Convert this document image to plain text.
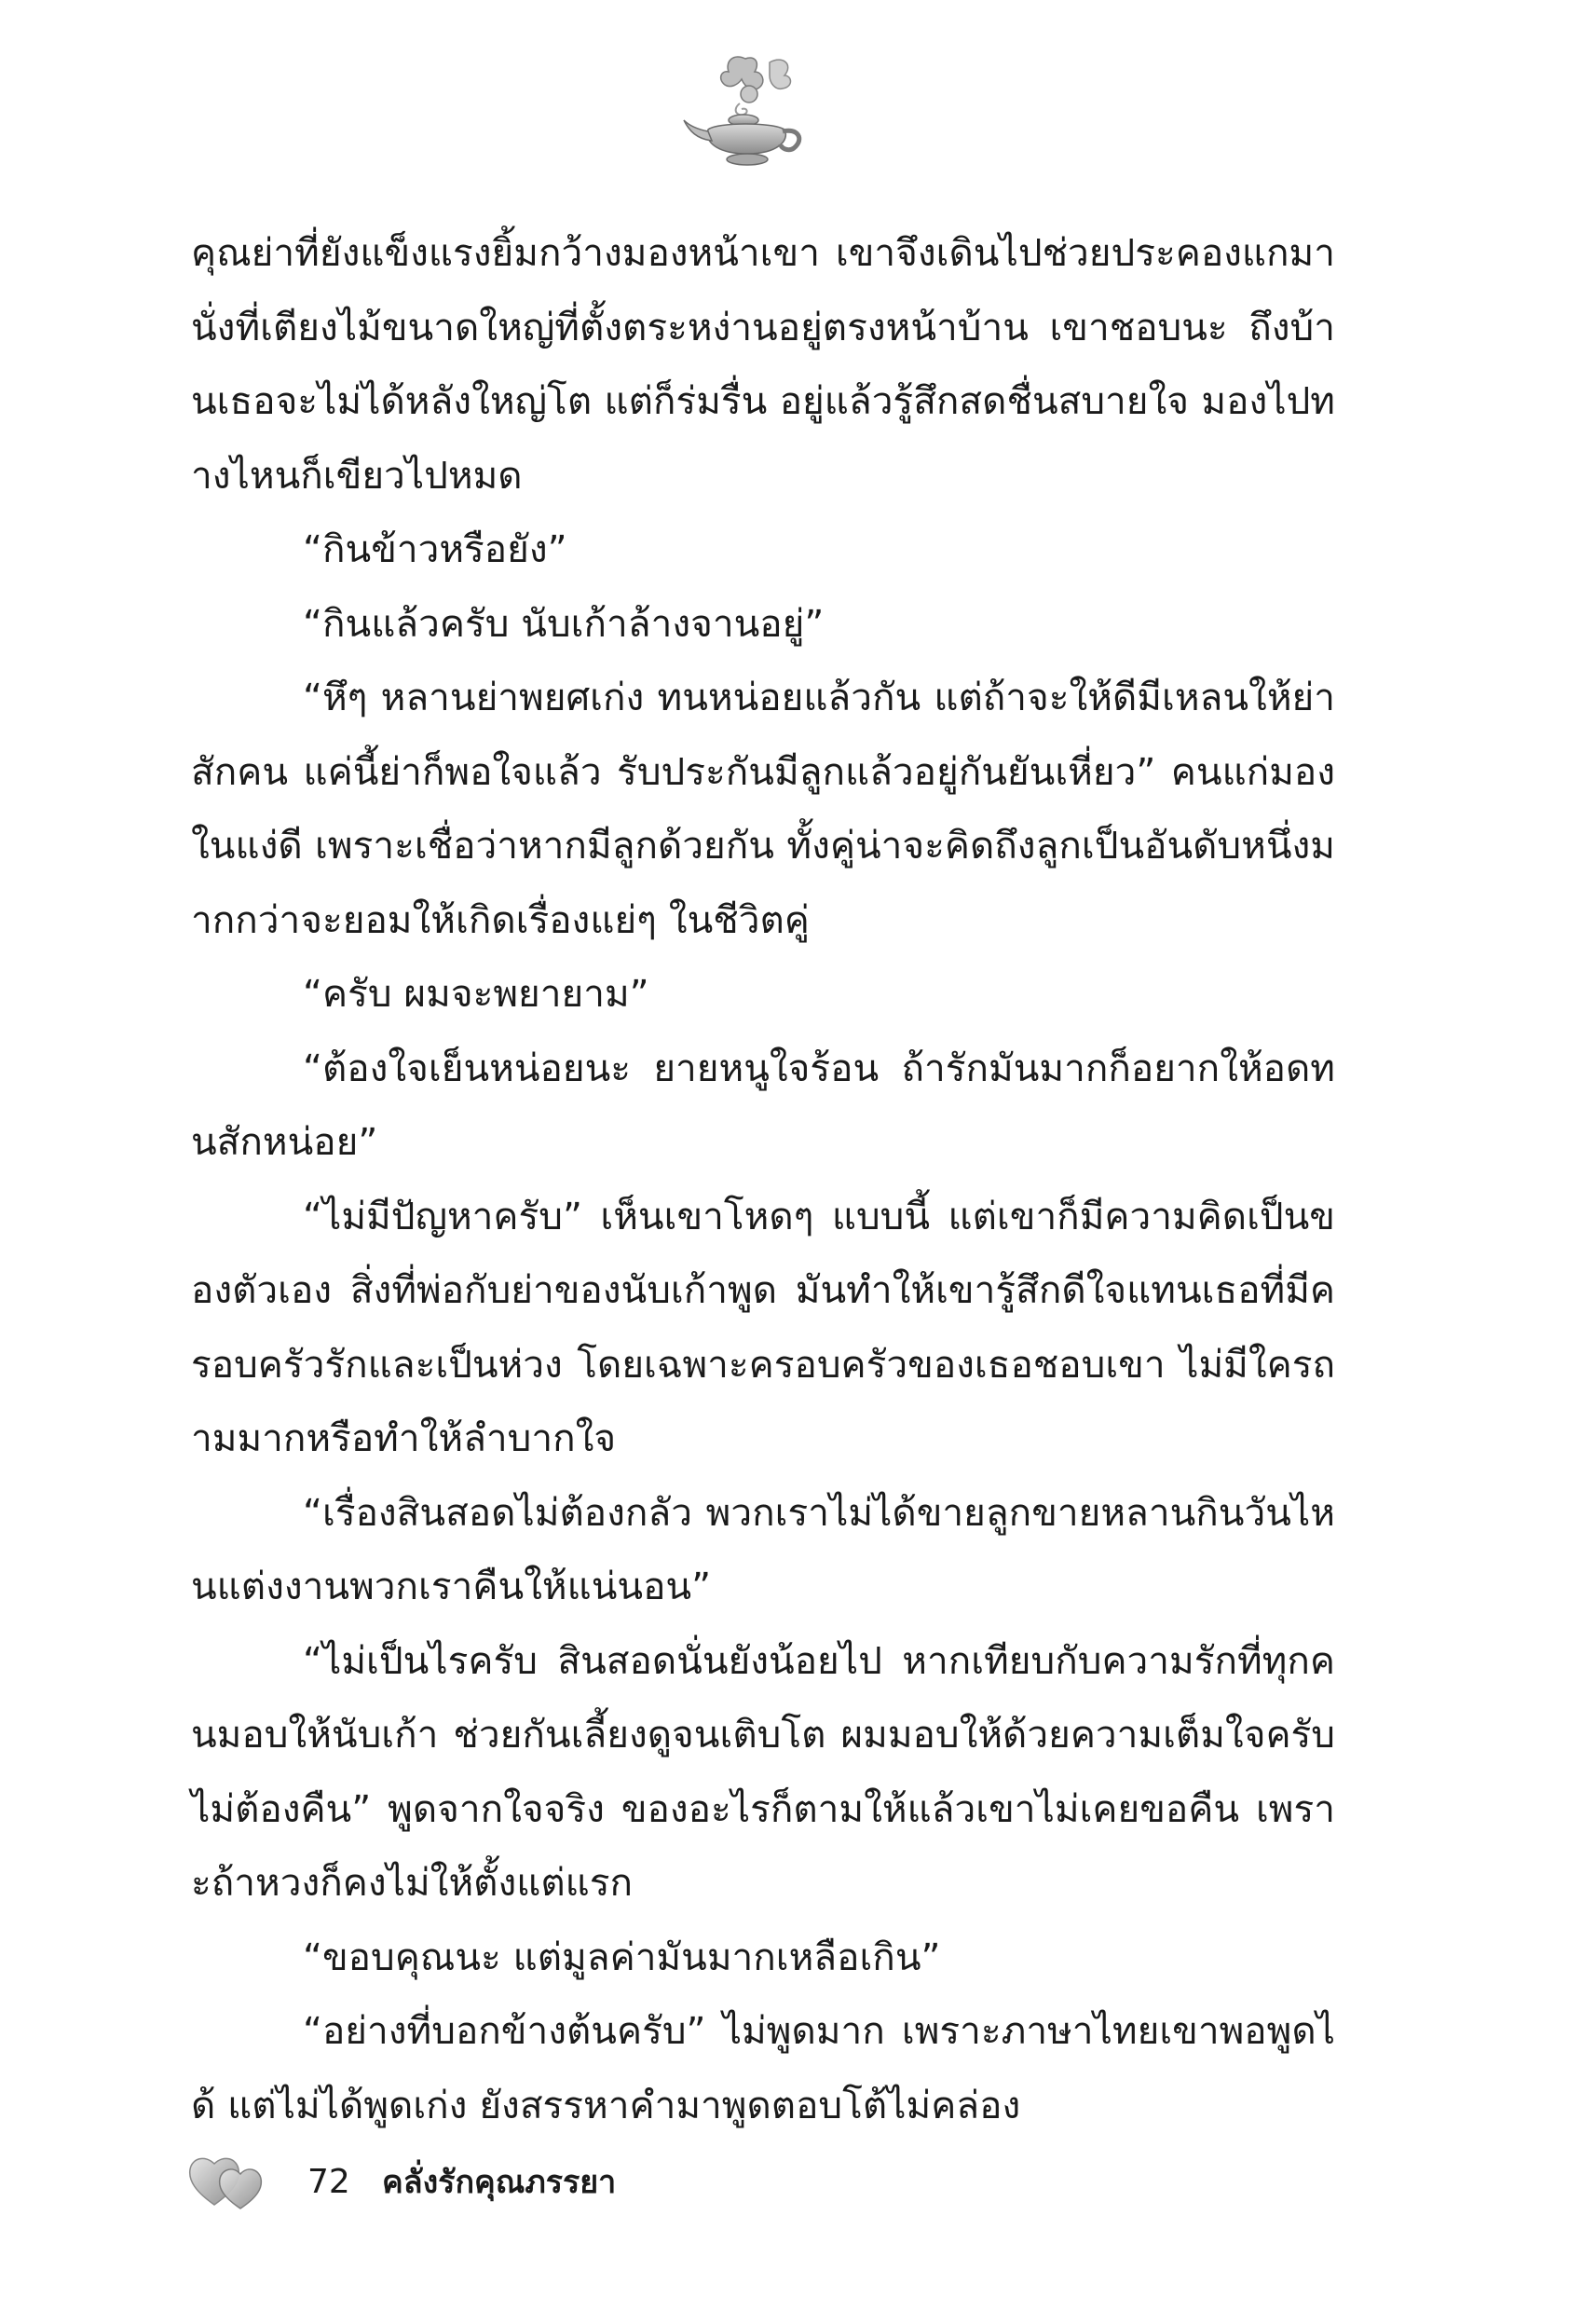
คุณย่าที่ยังแข็งแรงยิ้มกว้างมองหน้าเขา เขาจึงเดินไปช่วยประคองแกมานั่งที่เตียงไม้ขนาดใหญ่ที่ตั้งตระหง่านอยู่ตรงหน้าบ้าน เขาชอบนะ ถึงบ้านเธอจะไม่ได้หลังใหญ่โต แต่ก็ร่มรื่น อยู่แล้วรู้สึกสดชื่นสบายใจ มองไปทางไหนก็เขียวไปหมด

“กินข้าวหรือยัง”

“กินแล้วครับ นับเก้าล้างจานอยู่”

“หึๆ หลานย่าพยศเก่ง ทนหน่อยแล้วกัน แต่ถ้าจะให้ดีมีเหลนให้ย่าสักคน แค่นี้ย่าก็พอใจแล้ว รับประกันมีลูกแล้วอยู่กันยันเหี่ยว” คนแก่มองในแง่ดี เพราะเชื่อว่าหากมีลูกด้วยกัน ทั้งคู่น่าจะคิดถึงลูกเป็นอันดับหนึ่งมากกว่าจะยอมให้เกิดเรื่องแย่ๆ ในชีวิตคู่

“ครับ ผมจะพยายาม”

“ต้องใจเย็นหน่อยนะ ยายหนูใจร้อน ถ้ารักมันมากก็อยากให้อดทนสักหน่อย”

“ไม่มีปัญหาครับ” เห็นเขาโหดๆ แบบนี้ แต่เขาก็มีความคิดเป็นของตัวเอง สิ่งที่พ่อกับย่าของนับเก้าพูด มันทำให้เขารู้สึกดีใจแทนเธอที่มีครอบครัวรักและเป็นห่วง โดยเฉพาะครอบครัวของเธอชอบเขา ไม่มีใครถามมากหรือทำให้ลำบากใจ

“เรื่องสินสอดไม่ต้องกลัว พวกเราไม่ได้ขายลูกขายหลานกินวันไหนแต่งงานพวกเราคืนให้แน่นอน”

“ไม่เป็นไรครับ สินสอดนั่นยังน้อยไป หากเทียบกับความรักที่ทุกคนมอบให้นับเก้า ช่วยกันเลี้ยงดูจนเติบโต ผมมอบให้ด้วยความเต็มใจครับ ไม่ต้องคืน” พูดจากใจจริง ของอะไรก็ตามให้แล้วเขาไม่เคยขอคืน เพราะถ้าหวงก็คงไม่ให้ตั้งแต่แรก

“ขอบคุณนะ แต่มูลค่ามันมากเหลือเกิน”

“อย่างที่บอกข้างต้นครับ” ไม่พูดมาก เพราะภาษาไทยเขาพอพูดได้ แต่ไม่ได้พูดเก่ง ยังสรรหาคำมาพูดตอบโต้ไม่คล่อง

72 คลั่งรักคุณภรรยา
